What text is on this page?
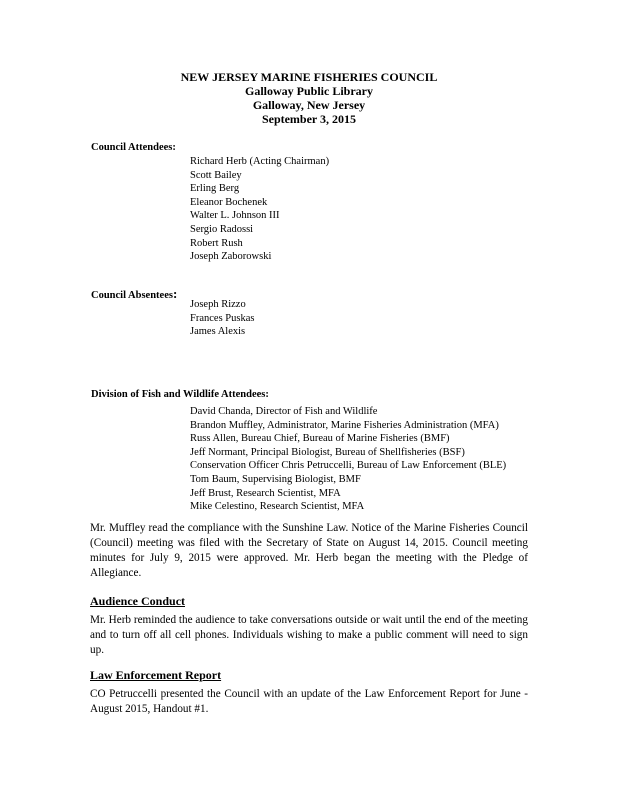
NEW JERSEY MARINE FISHERIES COUNCIL
Galloway Public Library
Galloway, New Jersey
September 3, 2015
Council Attendees:
Richard Herb (Acting Chairman)
Scott Bailey
Erling Berg
Eleanor Bochenek
Walter L. Johnson III
Sergio Radossi
Robert Rush
Joseph Zaborowski
Council Absentees:
Joseph Rizzo
Frances Puskas
James Alexis
Division of Fish and Wildlife Attendees:
David Chanda, Director of Fish and Wildlife
Brandon Muffley, Administrator, Marine Fisheries Administration (MFA)
Russ Allen, Bureau Chief, Bureau of Marine Fisheries (BMF)
Jeff Normant, Principal Biologist, Bureau of Shellfisheries (BSF)
Conservation Officer Chris Petruccelli, Bureau of Law Enforcement (BLE)
Tom Baum, Supervising Biologist, BMF
Jeff Brust, Research Scientist, MFA
Mike Celestino, Research Scientist, MFA
Mr. Muffley read the compliance with the Sunshine Law. Notice of the Marine Fisheries Council (Council) meeting was filed with the Secretary of State on August 14, 2015. Council meeting minutes for July 9, 2015 were approved. Mr. Herb began the meeting with the Pledge of Allegiance.
Audience Conduct
Mr. Herb reminded the audience to take conversations outside or wait until the end of the meeting and to turn off all cell phones. Individuals wishing to make a public comment will need to sign up.
Law Enforcement Report
CO Petruccelli presented the Council with an update of the Law Enforcement Report for June - August 2015, Handout #1.
